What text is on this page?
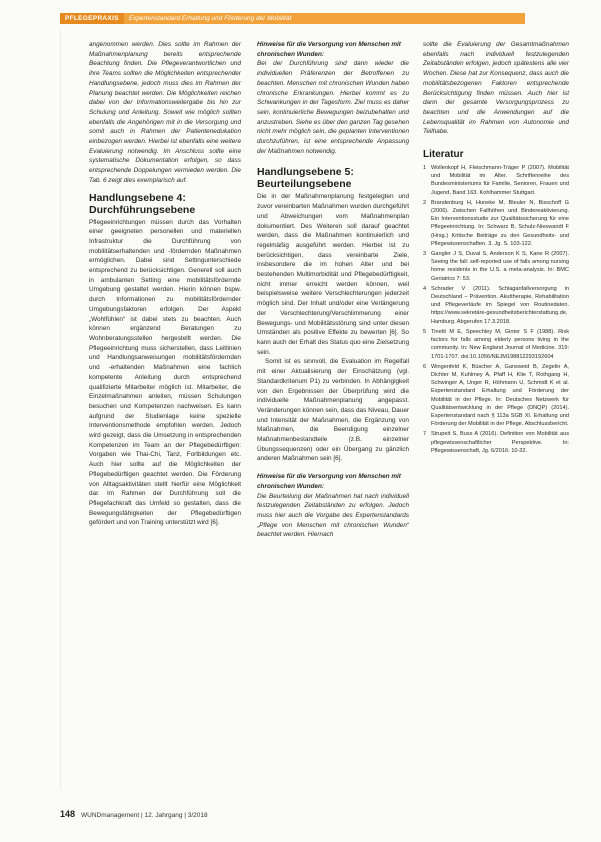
PFLEGEPRAXIS	Expertenstandard Erhaltung und Förderung der Mobilität

angenommen werden. Dies sollte im Rahmen der Maßnahmenplanung bereits entsprechende Beachtung finden. Die Pflegeverantwortlichen und ihre Teams sollten die Möglichkeiten entsprechender Handlungsebene, jedoch muss dies im Rahmen der Planung beachtet werden. Die Möglichkeiten reichen dabei von der Informationsweitergabe bis hin zur Schulung und Anleitung. Soweit wie möglich sollten ebenfalls die Angehörigen mit in die Versorgung und somit auch in Rahmen der Patientenedukation einbezogen werden. Hierbei ist ebenfalls eine weitere Evaluierung notwendig. Im Anschluss sollte eine systematische Dokumentation erfolgen, so dass entsprechende Doppelungen vermieden werden. Die Tab. 6 zeigt dies exemplarisch auf.

Handlungsebene 4: Durchführungsebene

Pflegeeinrichtungen müssen durch das Vorhalten einer geeigneten personellen und materiellen Infrastruktur die Durchführung von mobilitätserhaltenden und -fördernden Maßnahmen ermöglichen. Dabei sind Settingunterschiede entsprechend zu berücksichtigen. Generell soll auch in ambulanten Setting eine mobilitätsfördernde Umgebung gestaltet werden. Hierin können bspw. durch Informationen zu mobilitätsfördernder Umgebungsfaktoren erfolgen. Der Aspekt „Wohlfühlen“ ist dabei stets zu beachten. Auch können ergänzend Beratungen zu Wohnberatungsstellen hergestellt werden. Die Pflegeeinrichtung muss sicherstellen, dass Leitlinien und Handlungsanweisungen mobilitätsfördernden und -erhaltenden Maßnahmen eine fachlich kompetente Anleitung durch entsprechend qualifizierte Mitarbeiter möglich ist. Mitarbeiter, die Einzelmaßnahmen anleiten, müssen Schulungen besuchen und Kompetenzen nachweisen. Es kann aufgrund der Studienlage keine spezielle Interventionsmethode empfohlen werden. Jedoch wird gezeigt, dass die Umsetzung in entsprechenden Kompetenzen im Team an der Pflegebedürftigen: Vorgaben wie Thai-Chi, Tanz, Fortbildungen etc. Auch hier sollte auf die Möglichkeiten der Pflegebedürftigen geachtet werden. Die Förderung von Alltagsaktivitäten stellt hierfür eine Möglichkeit dar. Im Rahmen der Durchführung soll die Pflegefachkraft das Umfeld so gestalten, dass die Bewegungsfähigkeiten der Pflegebedürftigen gefördert und von Training unterstützt wird [6].

Hinweise für die Versorgung von Menschen mit chronischen Wunden:

Bei der Durchführung sind dann wieder die individuellen Präferenzen der Betroffenen zu beachten. Menschen mit chronischen Wunden haben chronische Erkrankungen. Hierbei kommt es zu Schwankungen in der Tagesform. Ziel muss es daher sein, kontinuierliche Bewegungen beizubehalten und anzustreben. Siehe es über den ganzen Tag gesehen nicht mehr möglich sein, die geplanten Interventionen durchzuführen, ist eine entsprechende Anpassung der Maßnahmen notwendig.

Handlungsebene 5: Beurteilungsebene

Die in der Maßnahmenplanung festgelegten und zuvor vereinbarten Maßnahmen wurden durchgeführt und Abweichungen vom Maßnahmenplan dokumentiert. Des Weiteren soll darauf geachtet werden, dass die Maßnahmen kontinuierlich und regelmäßig ausgeführt werden. Hierbei ist zu berücksichtigen, dass vereinbarte Ziele, insbesondere die im hohen Alter und bei bestehenden Multimorbidität und Pflegebedürftigkeit, nicht immer erreicht werden können, weil beispielsweise weitere Verschlechterungen jederzeit möglich sind. Der Inhalt und/oder eine Verlängerung der Verschlechterung/Verschlimmerung einer Bewegungs- und Mobilitätsstörung sind unter diesen Umständen als positive Effekte zu bewerten [6]. So kann auch der Erhalt des Status quo eine Zielsetzung sein.

Somit ist es sinnvoll, die Evaluation im Regelfall mit einer Aktualisierung der Einschätzung (vgl. Standardkriterium P1) zu verbinden. In Abhängigkeit von den Ergebnissen der Überprüfung wird die individuelle Maßnahmenplanung angepasst. Veränderungen können sein, dass das Niveau, Dauer und Intensität der Maßnahmen, die Ergänzung von Maßnahmen, die Beendigung einzelner Maßnahmenbestandteile (z.B. einzelner Übungssequenzen) oder ein Übergang zu gänzlich anderen Maßnahmen sein [6].

Hinweise für die Versorgung von Menschen mit chronischen Wunden:

Die Beurteilung der Maßnahmen hat nach individuell festzulegenden Zeitabständen zu erfolgen. Jedoch muss hier auch die Vorgabe des Expertenstandards „Pflege von Menschen mit chronischen Wunden“ beachtet werden. Hiernach

sollte die Evaluierung der Gesamtmaßnahmen ebenfalls nach individuell festzulegenden Zeitabständen erfolgen, jedoch spätestens alle vier Wochen. Diese hat zur Konsequenz, dass auch die mobilitätsbezogenen Faktoren entsprechende Berücksichtigung finden müssen. Auch hier ist dann der gesamte Versorgungsprozess zu beachten und die Anwendungen auf die Lebensqualität im Rahmen von Autonomie und Teilhabe.

Literatur
1 Wollenkopf H, Fleischmann-Träger P (2007). Mobilität und Mobilität im Alter. Schriftenreihe des Bundesministeriums für Familie, Senioren, Frauen und Jugend, Band 163. Kohlhammer Stuttgart.
2 Brandenburg H, Huneke M, Bleuler N, Bisschoff G (2006). Zwischen Fallhöhen und Bindereaktivierung. Ein Interventionsstudie zur Qualitätssicherung für eine Pflegeeinrichtung. In: Schwarz B, Schulz-Nieswandt F (Hrsg.) Kritische Beiträge zu den Gesundheits- und Pflegewissenschaften. 3. Jg. S. 103-122.
3 Gangler J S, Duval S, Anderson K S, Kane R (2007). Seeing the fall: self-reported use of falls among nursing home residents in the U.S. a meta-analysis. In: BMC Geriatrics 7: 53.
4 Schrader V (2011). Schlaganfallversorgung in Deutschland – Prävention, Akuttherapie, Rehabilitation und Pflegeverläufe im Spiegel von Routinedaten. https://www.sekretäre-gesundheitsberichterstattung.de, Hamburg. Abgerufen 17.3.2018.
5 Tinetti M E, Speechley M, Ginter S F (1988). Risk factors for falls among elderly persons living in the community. In: New England Journal of Medicine. 319: 1701-1707. doi:10.1056/NEJM198812293192604
6 Wingenfeld K, Büscher A, Gansweid B, Zegelin A, Dichter M, Kuhlmey A, Pfaff H, Klie T, Rothgang H, Schwinger A, Unger R, Höhmann U, Schmidt K et al. Expertenstandard Erhaltung und Förderung der Mobilität in der Pflege. In: Deutsches Netzwerk für Qualitätsentwicklung in der Pflege (DNQP) (2014). Expertenstandard nach § 113a SGB XI. Erhaltung und Förderung der Mobilität in der Pflege. Abschlussbericht.
7 Strupeit S, Buss A (2016). Definition von Mobilität aus pflegewissenschaftlicher Perspektive. In: Pflegewissenschaft, Jg. 6/2016: 10-32.
148 WUNDmanagement | 12. Jahrgang | 3/2018
